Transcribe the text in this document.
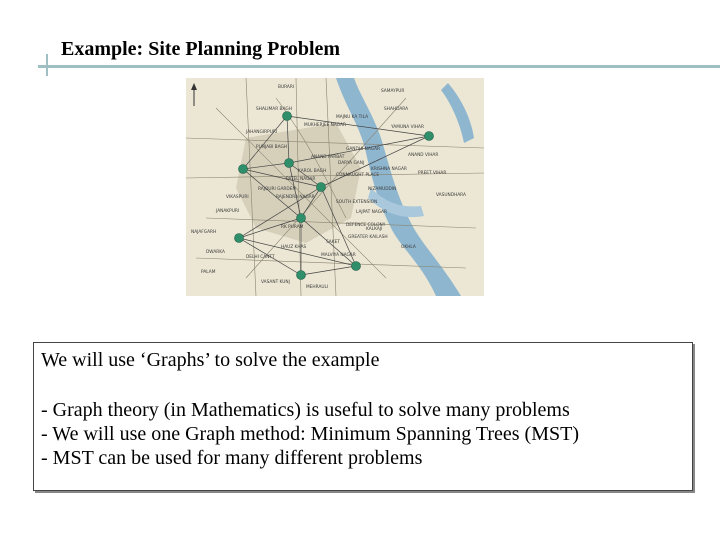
Example: Site Planning Problem
BURARI
SHALIMAR BAGH
SAMAYPUR
JAHANGIRPURI
MUKHERJEE NAGAR
MAJNU KA TILA
SHAHDARA
YAMUNA VIHAR
GANDHI NAGAR
KRISHNA NAGAR
ANAND VIHAR
PREET VIHAR
VASUNDHARA
NAJAFGARH
VIKASPURI
JANAKPURI
RAJOURI GARDEN
PUNJABI BAGH
PATEL NAGAR
KAROL BAGH
RAJENDRA NAGAR
ANAND PARBAT
CONNAUGHT PLACE
DARYA GANJ
DWARKA
PALAM
DELHI CANTT
SOUTH EXTENSION
LAJPAT NAGAR
DEFENCE COLONY
NIZAMUDDIN
SAKET
MALVIYA NAGAR
HAUZ KHAS
GREATER KAILASH
KALKAJI
OKHLA
MEHRAULI
VASANT KUNJ
RK PURAM
We will use ‘Graphs’ to solve the example
- Graph theory (in Mathematics) is useful to solve many problems
- We will use one Graph method: Minimum Spanning Trees (MST)
- MST can be used for many different problems
